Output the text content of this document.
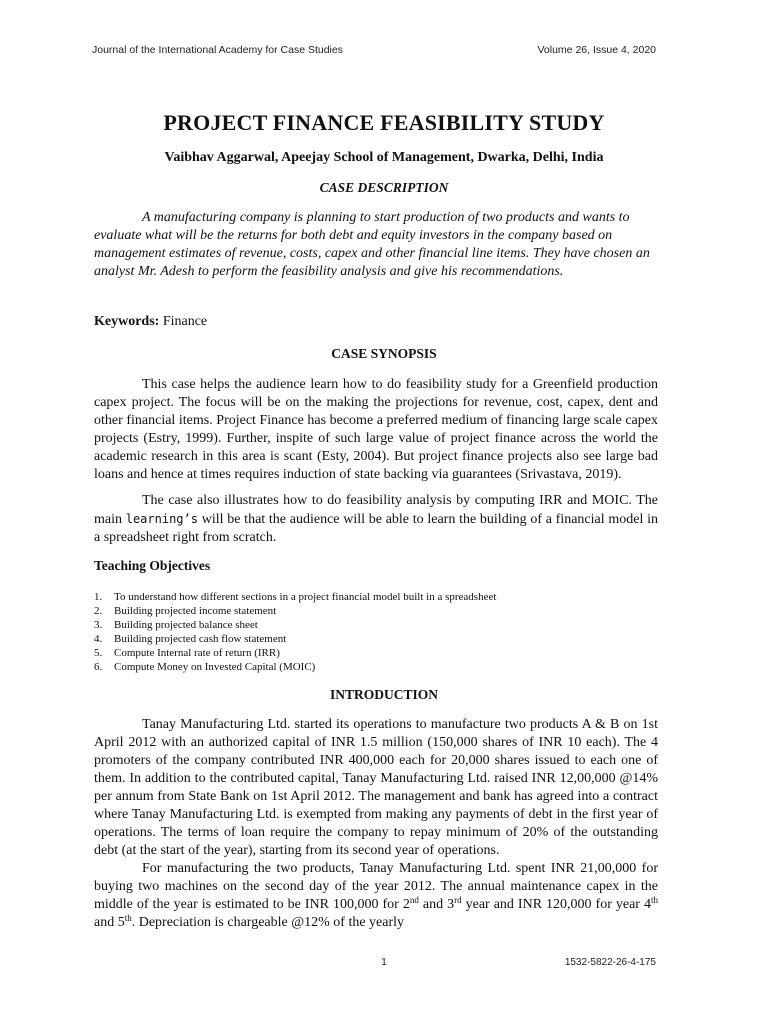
Journal of the International Academy for Case Studies	Volume 26, Issue 4, 2020
PROJECT FINANCE FEASIBILITY STUDY
Vaibhav Aggarwal, Apeejay School of Management, Dwarka, Delhi, India
CASE DESCRIPTION

A manufacturing company is planning to start production of two products and wants to evaluate what will be the returns for both debt and equity investors in the company based on management estimates of revenue, costs, capex and other financial line items. They have chosen an analyst Mr. Adesh to perform the feasibility analysis and give his recommendations.

Keywords: Finance

CASE SYNOPSIS

This case helps the audience learn how to do feasibility study for a Greenfield production capex project. The focus will be on the making the projections for revenue, cost, capex, dent and other financial items. Project Finance has become a preferred medium of financing large scale capex projects (Estry, 1999). Further, inspite of such large value of project finance across the world the academic research in this area is scant (Esty, 2004). But project finance projects also see large bad loans and hence at times requires induction of state backing via guarantees (Srivastava, 2019).

The case also illustrates how to do feasibility analysis by computing IRR and MOIC. The main learning’s will be that the audience will be able to learn the building of a financial model in a spreadsheet right from scratch.

Teaching Objectives
1. To understand how different sections in a project financial model built in a spreadsheet
2. Building projected income statement
3. Building projected balance sheet
4. Building projected cash flow statement
5. Compute Internal rate of return (IRR)
6. Compute Money on Invested Capital (MOIC)
INTRODUCTION

Tanay Manufacturing Ltd. started its operations to manufacture two products A & B on 1st April 2012 with an authorized capital of INR 1.5 million (150,000 shares of INR 10 each). The 4 promoters of the company contributed INR 400,000 each for 20,000 shares issued to each one of them. In addition to the contributed capital, Tanay Manufacturing Ltd. raised INR 12,00,000 @14% per annum from State Bank on 1st April 2012. The management and bank has agreed into a contract where Tanay Manufacturing Ltd. is exempted from making any payments of debt in the first year of operations. The terms of loan require the company to repay minimum of 20% of the outstanding debt (at the start of the year), starting from its second year of operations.

For manufacturing the two products, Tanay Manufacturing Ltd. spent INR 21,00,000 for buying two machines on the second day of the year 2012. The annual maintenance capex in the middle of the year is estimated to be INR 100,000 for 2nd and 3rd year and INR 120,000 for year 4th and 5th. Depreciation is chargeable @12% of the yearly

1	1532-5822-26-4-175
